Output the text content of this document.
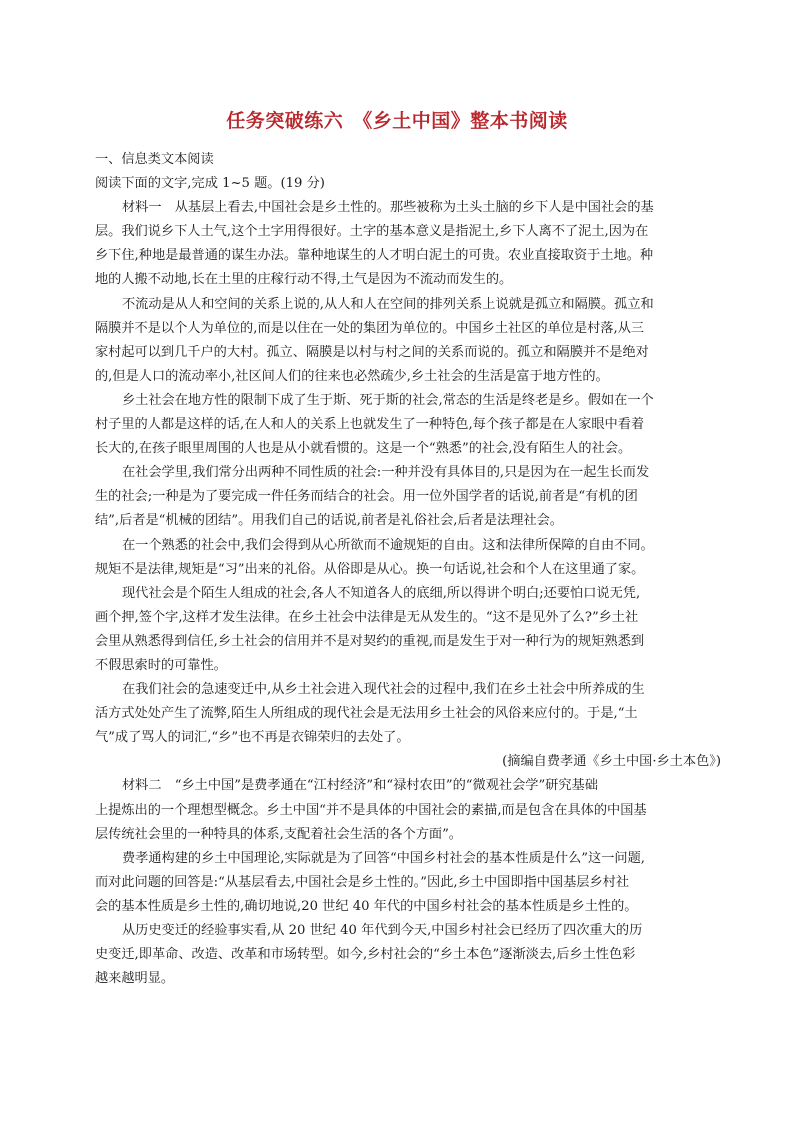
任务突破练六　《乡土中国》整本书阅读
一、信息类文本阅读
阅读下面的文字,完成 1~5 题。(19 分)
材料一　从基层上看去,中国社会是乡土性的。那些被称为土头土脑的乡下人是中国社会的基
层。我们说乡下人土气,这个土字用得很好。土字的基本意义是指泥土,乡下人离不了泥土,因为在
乡下住,种地是最普通的谋生办法。靠种地谋生的人才明白泥土的可贵。农业直接取资于土地。种
地的人搬不动地,长在土里的庄稼行动不得,土气是因为不流动而发生的。
不流动是从人和空间的关系上说的,从人和人在空间的排列关系上说就是孤立和隔膜。孤立和
隔膜并不是以个人为单位的,而是以住在一处的集团为单位的。中国乡土社区的单位是村落,从三
家村起可以到几千户的大村。孤立、隔膜是以村与村之间的关系而说的。孤立和隔膜并不是绝对
的,但是人口的流动率小,社区间人们的往来也必然疏少,乡土社会的生活是富于地方性的。
乡土社会在地方性的限制下成了生于斯、死于斯的社会,常态的生活是终老是乡。假如在一个
村子里的人都是这样的话,在人和人的关系上也就发生了一种特色,每个孩子都是在人家眼中看着
长大的,在孩子眼里周围的人也是从小就看惯的。这是一个“熟悉”的社会,没有陌生人的社会。
在社会学里,我们常分出两种不同性质的社会:一种并没有具体目的,只是因为在一起生长而发
生的社会;一种是为了要完成一件任务而结合的社会。用一位外国学者的话说,前者是“有机的团
结”,后者是“机械的团结”。用我们自己的话说,前者是礼俗社会,后者是法理社会。
在一个熟悉的社会中,我们会得到从心所欲而不逾规矩的自由。这和法律所保障的自由不同。
规矩不是法律,规矩是“习”出来的礼俗。从俗即是从心。换一句话说,社会和个人在这里通了家。
现代社会是个陌生人组成的社会,各人不知道各人的底细,所以得讲个明白;还要怕口说无凭,
画个押,签个字,这样才发生法律。在乡土社会中法律是无从发生的。“这不是见外了么?”乡土社
会里从熟悉得到信任,乡土社会的信用并不是对契约的重视,而是发生于对一种行为的规矩熟悉到
不假思索时的可靠性。
在我们社会的急速变迁中,从乡土社会进入现代社会的过程中,我们在乡土社会中所养成的生
活方式处处产生了流弊,陌生人所组成的现代社会是无法用乡土社会的风俗来应付的。于是,“土
气”成了骂人的词汇,“乡”也不再是衣锦荣归的去处了。
(摘编自费孝通《乡土中国·乡土本色》)
材料二　“乡土中国”是费孝通在“江村经济”和“禄村农田”的“微观社会学”研究基础
上提炼出的一个理想型概念。乡土中国“并不是具体的中国社会的素描,而是包含在具体的中国基
层传统社会里的一种特具的体系,支配着社会生活的各个方面”。
费孝通构建的乡土中国理论,实际就是为了回答“中国乡村社会的基本性质是什么”这一问题,
而对此问题的回答是:“从基层看去,中国社会是乡土性的。”因此,乡土中国即指中国基层乡村社
会的基本性质是乡土性的,确切地说,20 世纪 40 年代的中国乡村社会的基本性质是乡土性的。
从历史变迁的经验事实看,从 20 世纪 40 年代到今天,中国乡村社会已经历了四次重大的历
史变迁,即革命、改造、改革和市场转型。如今,乡村社会的“乡土本色”逐渐淡去,后乡土性色彩
越来越明显。
